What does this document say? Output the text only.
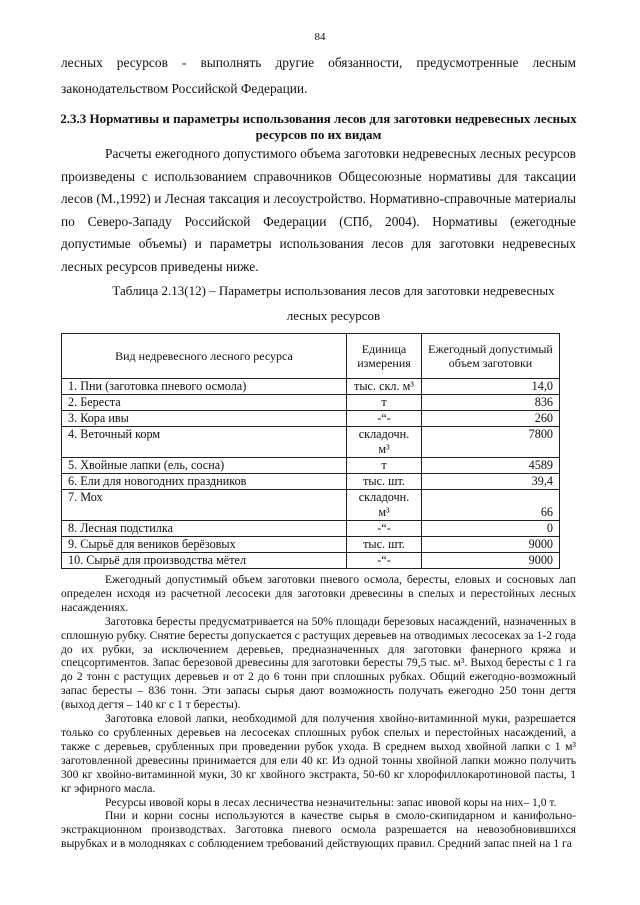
84

лесных ресурсов - выполнять другие обязанности, предусмотренные лесным законодательством Российской Федерации.

2.3.3 Нормативы и параметры использования лесов для заготовки недревесных лесных ресурсов по их видам

Расчеты ежегодного допустимого объема заготовки недревесных лесных ресурсов произведены с использованием справочников Общесоюзные нормативы для таксации лесов (М.,1992) и Лесная таксация и лесоустройство. Нормативно-справочные материалы по Северо-Западу Российской Федерации (СПб, 2004). Нормативы (ежегодные допустимые объемы) и параметры использования лесов для заготовки недревесных лесных ресурсов приведены ниже.

Таблица 2.13(12) – Параметры использования лесов для заготовки недревесных лесных ресурсов

Вид недревесного лесного ресурса	Единица измерения	Ежегодный допустимый объем заготовки
1. Пни (заготовка пневого осмола)	тыс. скл. м³	14,0
2. Береста	т	836
3. Кора ивы	-“-	260
4. Веточный корм	складочн. м³	7800
5. Хвойные лапки (ель, сосна)	т	4589
6. Ели для новогодних праздников	тыс. шт.	39,4
7. Мох	складочн. м³	66
8. Лесная подстилка	-“-	0
9. Сырьё для веников берёзовых	тыс. шт.	9000
10. Сырьё для производства мётел	-“-	9000

Ежегодный допустимый объем заготовки пневого осмола, бересты, еловых и сосновых лап определен исходя из расчетной лесосеки для заготовки древесины в спелых и перестойных лесных насаждениях.

Заготовка бересты предусматривается на 50% площади березовых насаждений, назначенных в сплошную рубку. Снятие бересты допускается с растущих деревьев на отводимых лесосеках за 1-2 года до их рубки, за исключением деревьев, предназначенных для заготовки фанерного кряжа и спецсортиментов. Запас березовой древесины для заготовки бересты 79,5 тыс. м³. Выход бересты с 1 га до 2 тонн с растущих деревьев и от 2 до 6 тонн при сплошных рубках. Общий ежегодно-возможный запас бересты – 836 тонн. Эти запасы сырья дают возможность получать ежегодно 250 тонн дегтя (выход дегтя – 140 кг с 1 т бересты).

Заготовка еловой лапки, необходимой для получения хвойно-витаминной муки, разрешается только со срубленных деревьев на лесосеках сплошных рубок спелых и перестойных насаждений, а также с деревьев, срубленных при проведении рубок ухода. В среднем выход хвойной лапки с 1 м³ заготовленной древесины принимается для ели 40 кг. Из одной тонны хвойной лапки можно получить 300 кг хвойно-витаминной муки, 30 кг хвойного экстракта, 50-60 кг хлорофиллокаротиновой пасты, 1 кг эфирного масла.

Ресурсы ивовой коры в лесах лесничества незначительны: запас ивовой коры на них– 1,0 т.

Пни и корни сосны используются в качестве сырья в смоло-скипидарном и канифольно-экстракционном производствах. Заготовка пневого осмола разрешается на невозобновившихся вырубках и в молодняках с соблюдением требований действующих правил. Средний запас пней на 1 га
